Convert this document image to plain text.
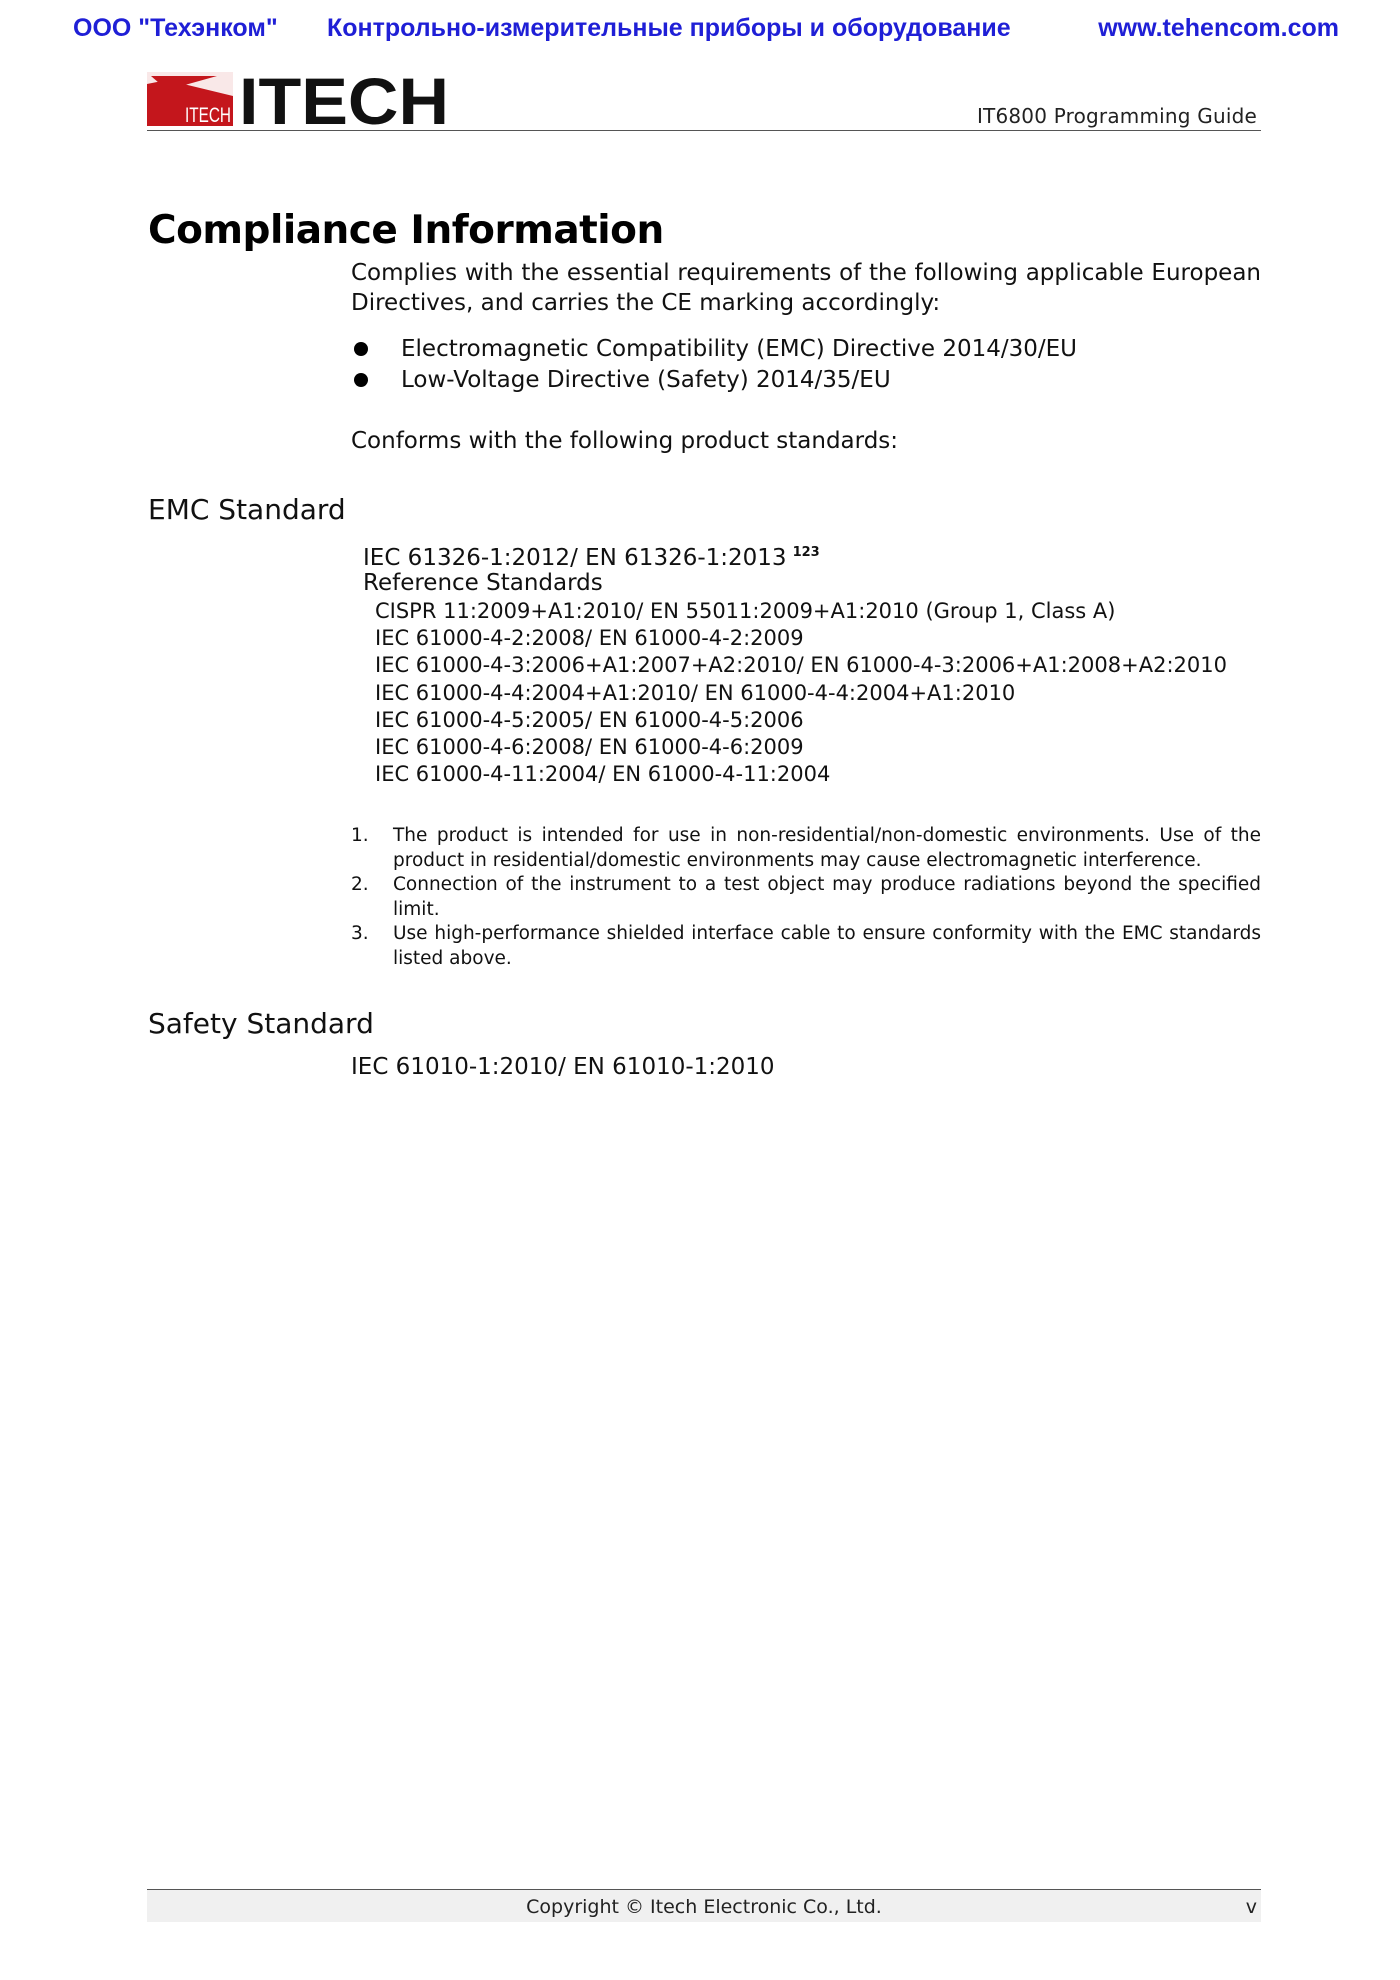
ООО "Техэнком" Контрольно-измерительные приборы и оборудование	www.tehencom.com
ITECH ITECH	IT6800 Programming Guide
Compliance Information
Complies with the essential requirements of the following applicable European Directives, and carries the CE marking accordingly:
Electromagnetic Compatibility (EMC) Directive 2014/30/EU
Low-Voltage Directive (Safety) 2014/35/EU
Conforms with the following product standards:
EMC Standard
IEC 61326-1:2012/ EN 61326-1:2013 $^{123}$
Reference Standards
CISPR 11:2009+A1:2010/ EN 55011:2009+A1:2010 (Group 1, Class A)
IEC 61000-4-2:2008/ EN 61000-4-2:2009
IEC 61000-4-3:2006+A1:2007+A2:2010/ EN 61000-4-3:2006+A1:2008+A2:2010
IEC 61000-4-4:2004+A1:2010/ EN 61000-4-4:2004+A1:2010
IEC 61000-4-5:2005/ EN 61000-4-5:2006
IEC 61000-4-6:2008/ EN 61000-4-6:2009
IEC 61000-4-11:2004/ EN 61000-4-11:2004
1. The product is intended for use in non-residential/non-domestic environments. Use of the product in residential/domestic environments may cause electromagnetic interference.
2. Connection of the instrument to a test object may produce radiations beyond the specified limit.
3. Use high-performance shielded interface cable to ensure conformity with the EMC standards listed above.
Safety Standard
IEC 61010-1:2010/ EN 61010-1:2010
Copyright © Itech Electronic Co., Ltd.	v
